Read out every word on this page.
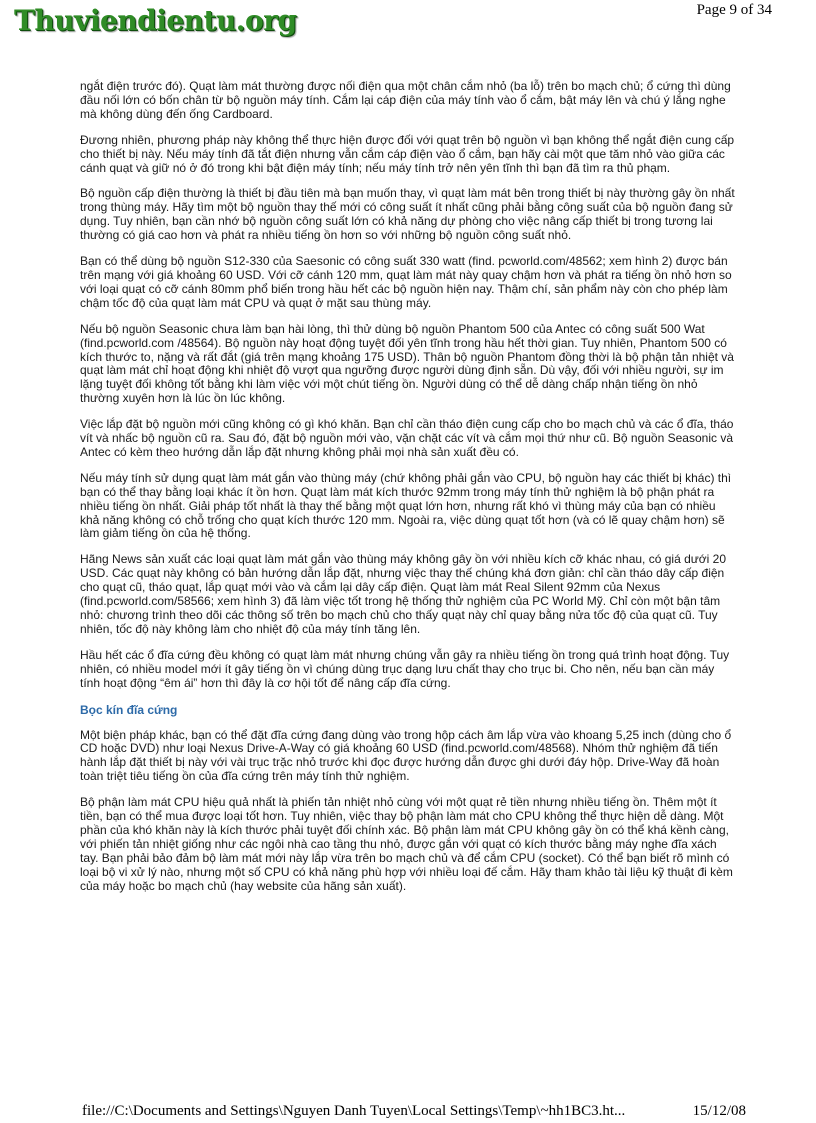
Thuviendientu.org	Page 9 of 34

ngắt điện trước đó). Quạt làm mát thường được nối điện qua một chân cắm nhỏ (ba lỗ) trên bo mạch chủ; ổ cứng thì dùng đầu nối lớn có bốn chân từ bộ nguồn máy tính. Cắm lại cáp điện của máy tính vào ổ cắm, bật máy lên và chú ý lắng nghe mà không dùng đến ống Cardboard.

Đương nhiên, phương pháp này không thể thực hiện được đối với quạt trên bộ nguồn vì bạn không thể ngắt điện cung cấp cho thiết bị này. Nếu máy tính đã tắt điện nhưng vẫn cắm cáp điện vào ổ cắm, bạn hãy cài một que tăm nhỏ vào giữa các cánh quạt và giữ nó ở đó trong khi bật điện máy tính; nếu máy tính trở nên yên tĩnh thì bạn đã tìm ra thủ phạm.

Bộ nguồn cấp điện thường là thiết bị đầu tiên mà bạn muốn thay, vì quạt làm mát bên trong thiết bị này thường gây ồn nhất trong thùng máy. Hãy tìm một bộ nguồn thay thế mới có công suất ít nhất cũng phải bằng công suất của bộ nguồn đang sử dụng. Tuy nhiên, bạn cần nhớ bộ nguồn công suất lớn có khả năng dự phòng cho việc nâng cấp thiết bị trong tương lai thường có giá cao hơn và phát ra nhiều tiếng ồn hơn so với những bộ nguồn công suất nhỏ.

Bạn có thể dùng bộ nguồn S12-330 của Saesonic có công suất 330 watt (find. pcworld.com/48562; xem hình 2) được bán trên mạng với giá khoảng 60 USD. Với cỡ cánh 120 mm, quạt làm mát này quay chậm hơn và phát ra tiếng ồn nhỏ hơn so với loại quạt có cỡ cánh 80mm phổ biến trong hầu hết các bộ nguồn hiện nay. Thậm chí, sản phẩm này còn cho phép làm chậm tốc độ của quạt làm mát CPU và quạt ở mặt sau thùng máy.

Nếu bộ nguồn Seasonic chưa làm bạn hài lòng, thì thử dùng bộ nguồn Phantom 500 của Antec có công suất 500 Wat (find.pcworld.com /48564). Bộ nguồn này hoạt động tuyệt đối yên tĩnh trong hầu hết thời gian. Tuy nhiên, Phantom 500 có kích thước to, nặng và rất đắt (giá trên mạng khoảng 175 USD). Thân bộ nguồn Phantom đồng thời là bộ phận tản nhiệt và quạt làm mát chỉ hoạt động khi nhiệt độ vượt qua ngưỡng được người dùng định sẵn. Dù vậy, đối với nhiều người, sự im lặng tuyệt đối không tốt bằng khi làm việc với một chút tiếng ồn. Người dùng có thể dễ dàng chấp nhận tiếng ồn nhỏ thường xuyên hơn là lúc ồn lúc không.

Việc lắp đặt bộ nguồn mới cũng không có gì khó khăn. Bạn chỉ cần tháo điện cung cấp cho bo mạch chủ và các ổ đĩa, tháo vít và nhấc bộ nguồn cũ ra. Sau đó, đặt bộ nguồn mới vào, vặn chặt các vít và cắm mọi thứ như cũ. Bộ nguồn Seasonic và Antec có kèm theo hướng dẫn lắp đặt nhưng không phải mọi nhà sản xuất đều có.

Nếu máy tính sử dụng quạt làm mát gắn vào thùng máy (chứ không phải gắn vào CPU, bộ nguồn hay các thiết bị khác) thì bạn có thể thay bằng loại khác ít ồn hơn. Quạt làm mát kích thước 92mm trong máy tính thử nghiệm là bộ phận phát ra nhiều tiếng ồn nhất. Giải pháp tốt nhất là thay thế bằng một quạt lớn hơn, nhưng rất khó vì thùng máy của bạn có nhiều khả năng không có chỗ trống cho quạt kích thước 120 mm. Ngoài ra, việc dùng quạt tốt hơn (và có lẽ quay chậm hơn) sẽ làm giảm tiếng ồn của hệ thống.

Hãng News sản xuất các loại quạt làm mát gắn vào thùng máy không gây ồn với nhiều kích cỡ khác nhau, có giá dưới 20 USD. Các quạt này không có bản hướng dẫn lắp đặt, nhưng việc thay thế chúng khá đơn giản: chỉ cần tháo dây cấp điện cho quạt cũ, tháo quạt, lắp quạt mới vào và cắm lại dây cấp điện. Quạt làm mát Real Silent 92mm của Nexus (find.pcworld.com/58566; xem hình 3) đã làm việc tốt trong hệ thống thử nghiệm của PC World Mỹ. Chỉ còn một bận tâm nhỏ: chương trình theo dõi các thông số trên bo mạch chủ cho thấy quạt này chỉ quay bằng nửa tốc độ của quạt cũ. Tuy nhiên, tốc độ này không làm cho nhiệt độ của máy tính tăng lên.

Hầu hết các ổ đĩa cứng đều không có quạt làm mát nhưng chúng vẫn gây ra nhiều tiếng ồn trong quá trình hoạt động. Tuy nhiên, có nhiều model mới ít gây tiếng ồn vì chúng dùng trục dạng lưu chất thay cho trục bi. Cho nên, nếu bạn cần máy tính hoạt động “êm ái” hơn thì đây là cơ hội tốt để nâng cấp đĩa cứng.

Bọc kín đĩa cứng

Một biện pháp khác, bạn có thể đặt đĩa cứng đang dùng vào trong hộp cách âm lắp vừa vào khoang 5,25 inch (dùng cho ổ CD hoặc DVD) như loại Nexus Drive-A-Way có giá khoảng 60 USD (find.pcworld.com/48568). Nhóm thử nghiệm đã tiến hành lắp đặt thiết bị này với vài trục trặc nhỏ trước khi đọc được hướng dẫn được ghi dưới đáy hộp. Drive-Way đã hoàn toàn triệt tiêu tiếng ồn của đĩa cứng trên máy tính thử nghiệm.

Bộ phận làm mát CPU hiệu quả nhất là phiến tản nhiệt nhỏ cùng với một quạt rẻ tiền nhưng nhiều tiếng ồn. Thêm một ít tiền, bạn có thể mua được loại tốt hơn. Tuy nhiên, việc thay bộ phận làm mát cho CPU không thể thực hiện dễ dàng. Một phần của khó khăn này là kích thước phải tuyệt đối chính xác. Bộ phận làm mát CPU không gây ồn có thể khá kềnh càng, với phiến tản nhiệt giống như các ngôi nhà cao tầng thu nhỏ, được gắn với quạt có kích thước bằng máy nghe đĩa xách tay. Bạn phải bảo đảm bộ làm mát mới này lắp vừa trên bo mạch chủ và để cắm CPU (socket). Có thể bạn biết rõ mình có loại bộ vi xử lý nào, nhưng một số CPU có khả năng phù hợp với nhiều loại đế cắm. Hãy tham khảo tài liệu kỹ thuật đi kèm của máy hoặc bo mạch chủ (hay website của hãng sản xuất).

file://C:\Documents and Settings\Nguyen Danh Tuyen\Local Settings\Temp\~hh1BC3.ht...	15/12/08
